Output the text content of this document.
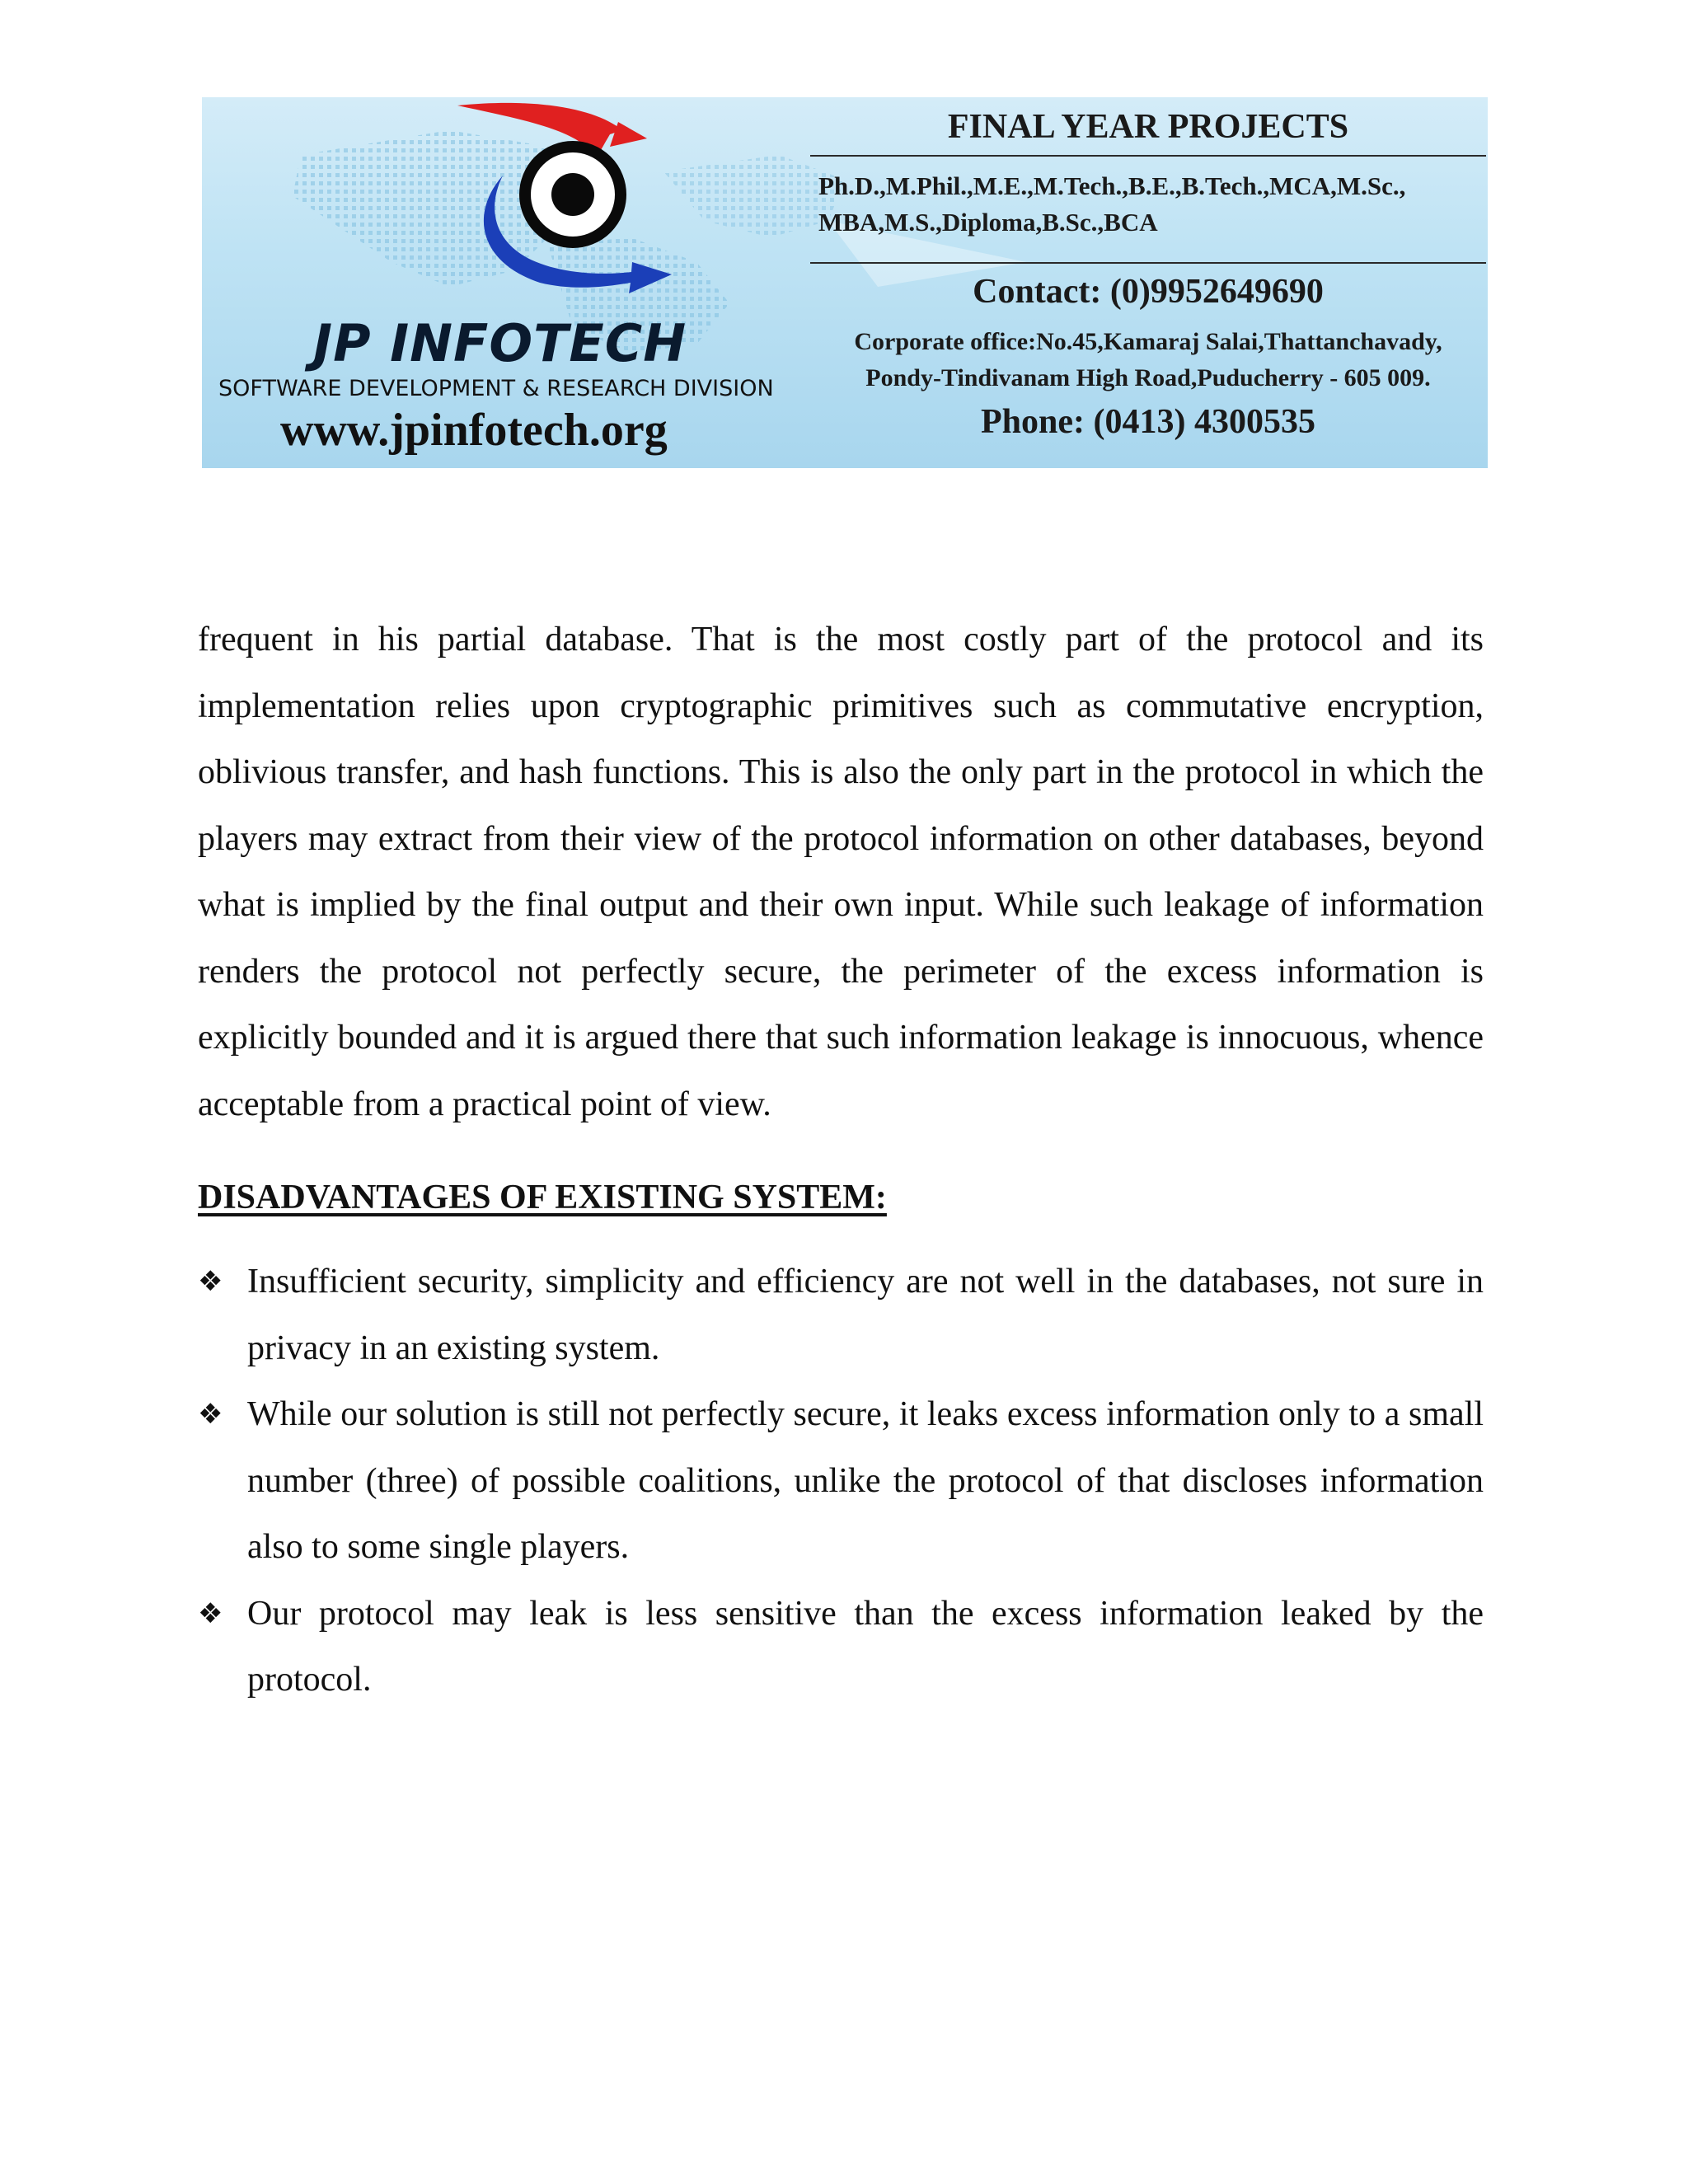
JP INFOTECH
SOFTWARE DEVELOPMENT & RESEARCH DIVISION
www.jpinfotech.org
FINAL YEAR PROJECTS
Ph.D.,M.Phil.,M.E.,M.Tech.,B.E.,B.Tech.,MCA,M.Sc., MBA,M.S.,Diploma,B.Sc.,BCA
Contact: (0)9952649690
Corporate office:No.45,Kamaraj Salai,Thattanchavady,
Pondy-Tindivanam High Road,Puducherry - 605 009.
Phone: (0413) 4300535

frequent in his partial database. That is the most costly part of the protocol and its implementation relies upon cryptographic primitives such as commutative encryption, oblivious transfer, and hash functions. This is also the only part in the protocol in which the players may extract from their view of the protocol information on other databases, beyond what is implied by the final output and their own input. While such leakage of information renders the protocol not perfectly secure, the perimeter of the excess information is explicitly bounded and it is argued there that such information leakage is innocuous, whence acceptable from a practical point of view.

DISADVANTAGES OF EXISTING SYSTEM:
❖ Insufficient security, simplicity and efficiency are not well in the databases, not sure in privacy in an existing system.
❖ While our solution is still not perfectly secure, it leaks excess information only to a small number (three) of possible coalitions, unlike the protocol of that discloses information also to some single players.
❖ Our protocol may leak is less sensitive than the excess information leaked by the protocol.
